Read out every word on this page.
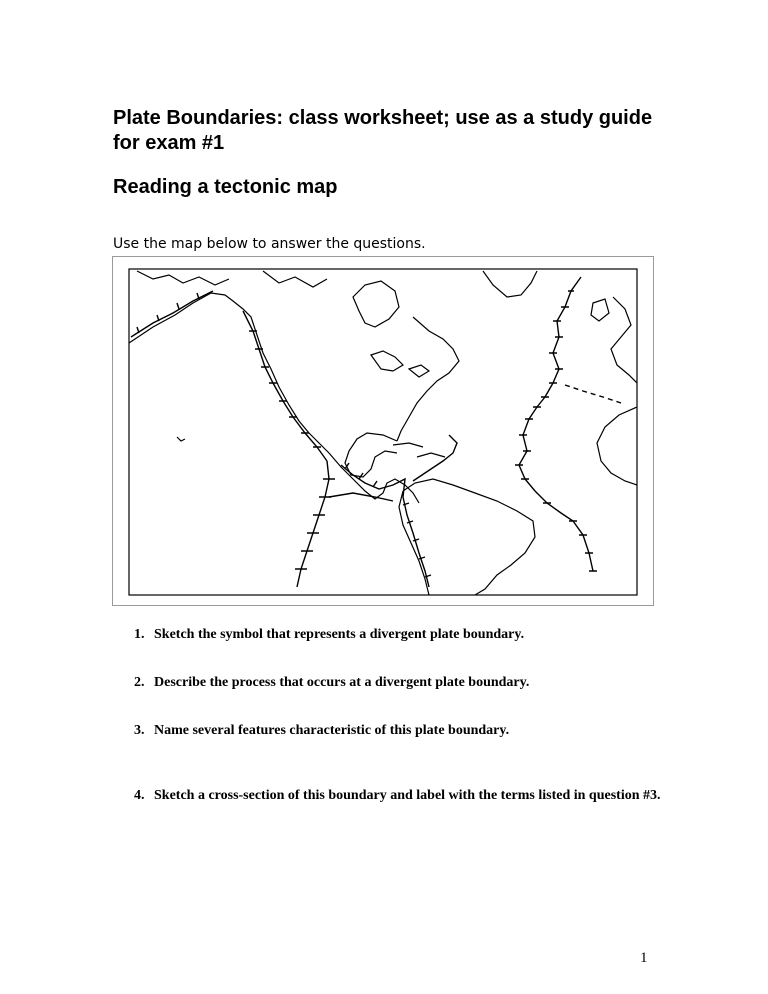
Plate Boundaries: class worksheet; use as a study guide for exam #1
Reading a tectonic map

Use the map below to answer the questions.

1. Sketch the symbol that represents a divergent plate boundary.
2. Describe the process that occurs at a divergent plate boundary.
3. Name several features characteristic of this plate boundary.
4. Sketch a cross-section of this boundary and label with the terms listed in question #3.
1
